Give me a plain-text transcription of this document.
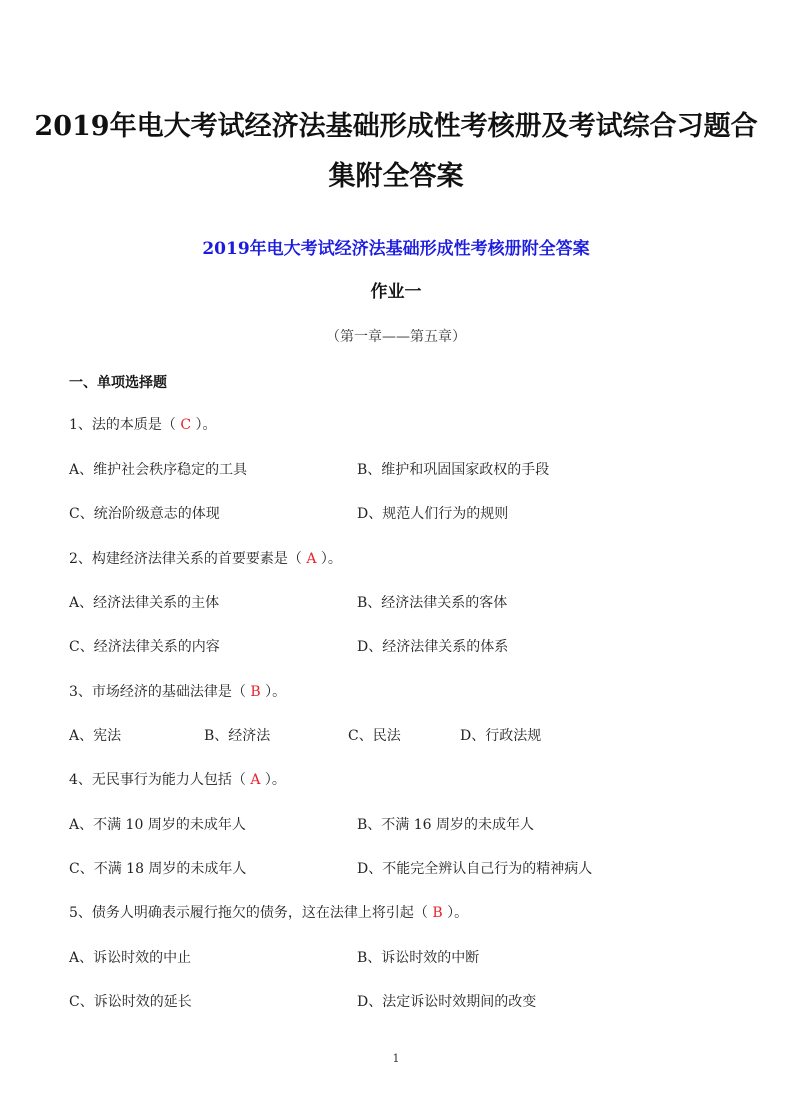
2019年电大考试经济法基础形成性考核册及考试综合习题合
集附全答案
2019年电大考试经济法基础形成性考核册附全答案
作业一
（第一章——第五章）
一、单项选择题
1、法的本质是（ C ）。
A、维护社会秩序稳定的工具	B、维护和巩固国家政权的手段
C、统治阶级意志的体现	D、规范人们行为的规则
2、构建经济法律关系的首要要素是（ A ）。
A、经济法律关系的主体	B、经济法律关系的客体
C、经济法律关系的内容	D、经济法律关系的体系
3、市场经济的基础法律是（ B ）。
A、宪法	B、经济法	C、民法	D、行政法规
4、无民事行为能力人包括（ A ）。
A、不满 10 周岁的未成年人	B、不满 16 周岁的未成年人
C、不满 18 周岁的未成年人	D、不能完全辨认自己行为的精神病人
5、债务人明确表示履行拖欠的债务，这在法律上将引起（ B ）。
A、诉讼时效的中止	B、诉讼时效的中断
C、诉讼时效的延长	D、法定诉讼时效期间的改变
1
